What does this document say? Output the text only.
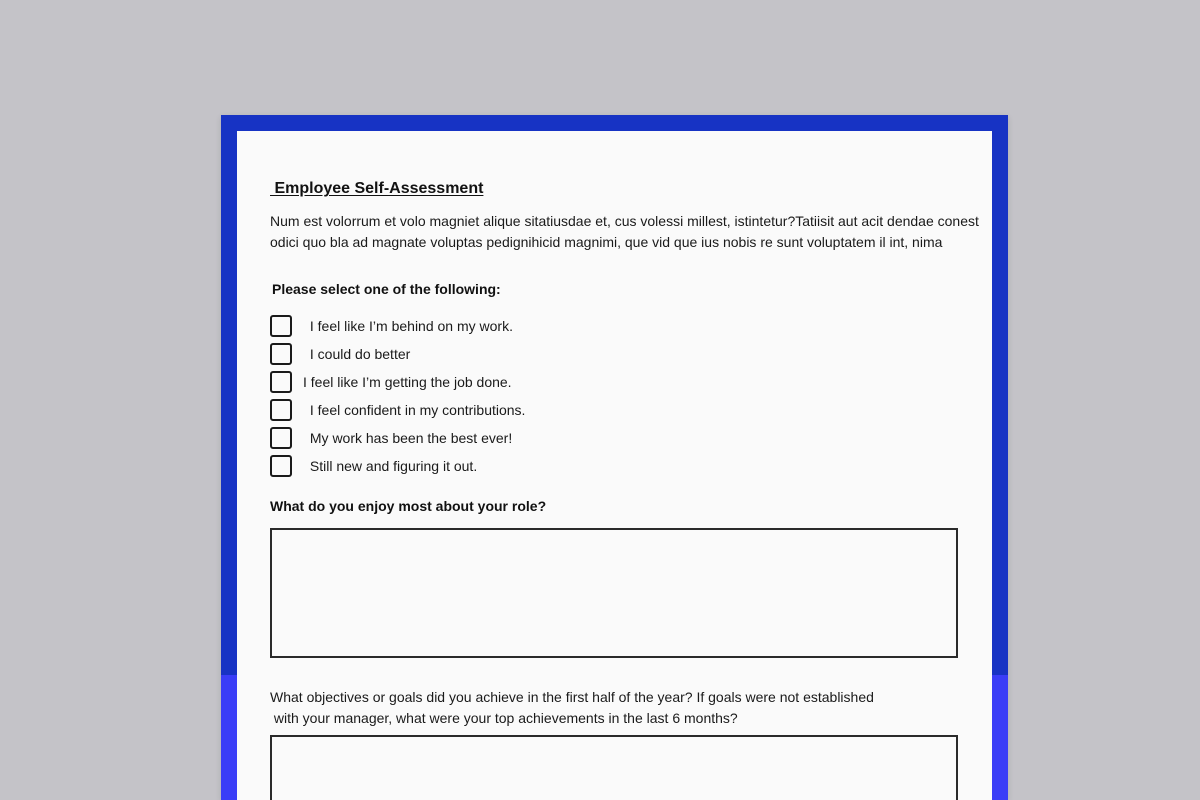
Employee Self-Assessment

Num est volorrum et volo magniet alique sitatiusdae et, cus volessi millest, istintetur?Tatiisit aut acit dendae conest
odici quo bla ad magnate voluptas pedignihicid magnimi, que vid que ius nobis re sunt voluptatem il int, nima

Please select one of the following:

I feel like I’m behind on my work.
I could do better
I feel like I’m getting the job done.
I feel confident in my contributions.
My work has been the best ever!
Still new and figuring it out.

What do you enjoy most about your role?

What objectives or goals did you achieve in the first half of the year? If goals were not established
with your manager, what were your top achievements in the last 6 months?
